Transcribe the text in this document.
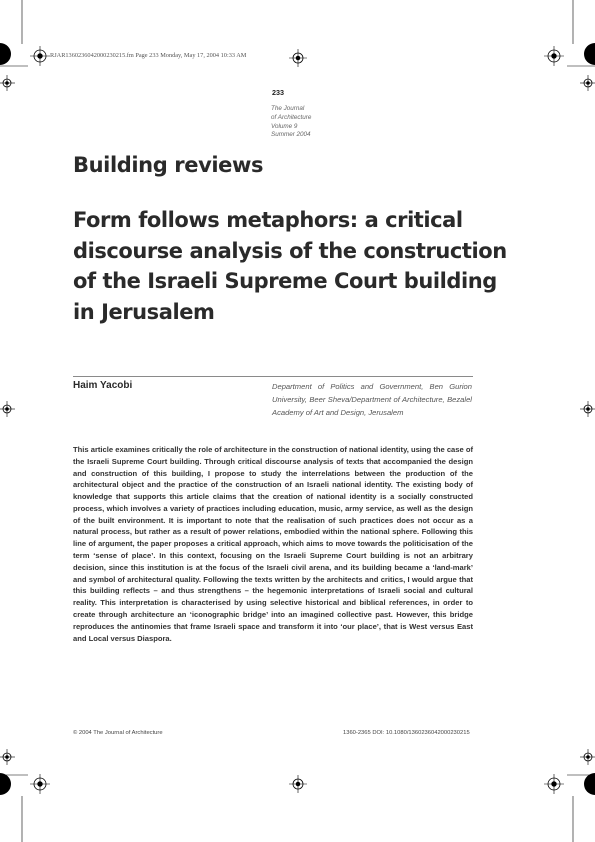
RJAR136023604200023021​5.fm Page 233 Monday, May 17, 2004 10:33 AM
233
The Journal
of Architecture
Volume 9
Summer 2004
Building reviews
Form follows metaphors: a critical discourse analysis of the construction of the Israeli Supreme Court building in Jerusalem

Haim Yacobi	Department of Politics and Government, Ben Gurion University, Beer Sheva/Department of Architecture, Bezalel Academy of Art and Design, Jerusalem

This article examines critically the role of architecture in the construction of national identity, using the case of the Israeli Supreme Court building. Through critical discourse analysis of texts that accompanied the design and construction of this building, I propose to study the interrelations between the production of the architectural object and the practice of the construction of an Israeli national identity. The existing body of knowledge that supports this article claims that the creation of national identity is a socially constructed process, which involves a variety of practices including education, music, army service, as well as the design of the built environment. It is important to note that the realisation of such practices does not occur as a natural process, but rather as a result of power relations, embodied within the national sphere. Following this line of argument, the paper proposes a critical approach, which aims to move towards the politicisation of the term ‘sense of place’. In this context, focusing on the Israeli Supreme Court building is not an arbitrary decision, since this institution is at the focus of the Israeli civil arena, and its building became a ‘land-mark’ and symbol of architectural quality. Following the texts written by the architects and critics, I would argue that this building reflects – and thus strengthens – the hegemonic interpretations of Israeli social and cultural reality. This interpretation is characterised by using selective historical and biblical references, in order to create through architecture an ‘iconographic bridge’ into an imagined collective past. However, this bridge reproduces the antinomies that frame Israeli space and transform it into ‘our place’, that is West versus East and Local versus Diaspora.

© 2004 The Journal of Architecture	1360-2365 DOI: 10.1080/1360236042000230215
